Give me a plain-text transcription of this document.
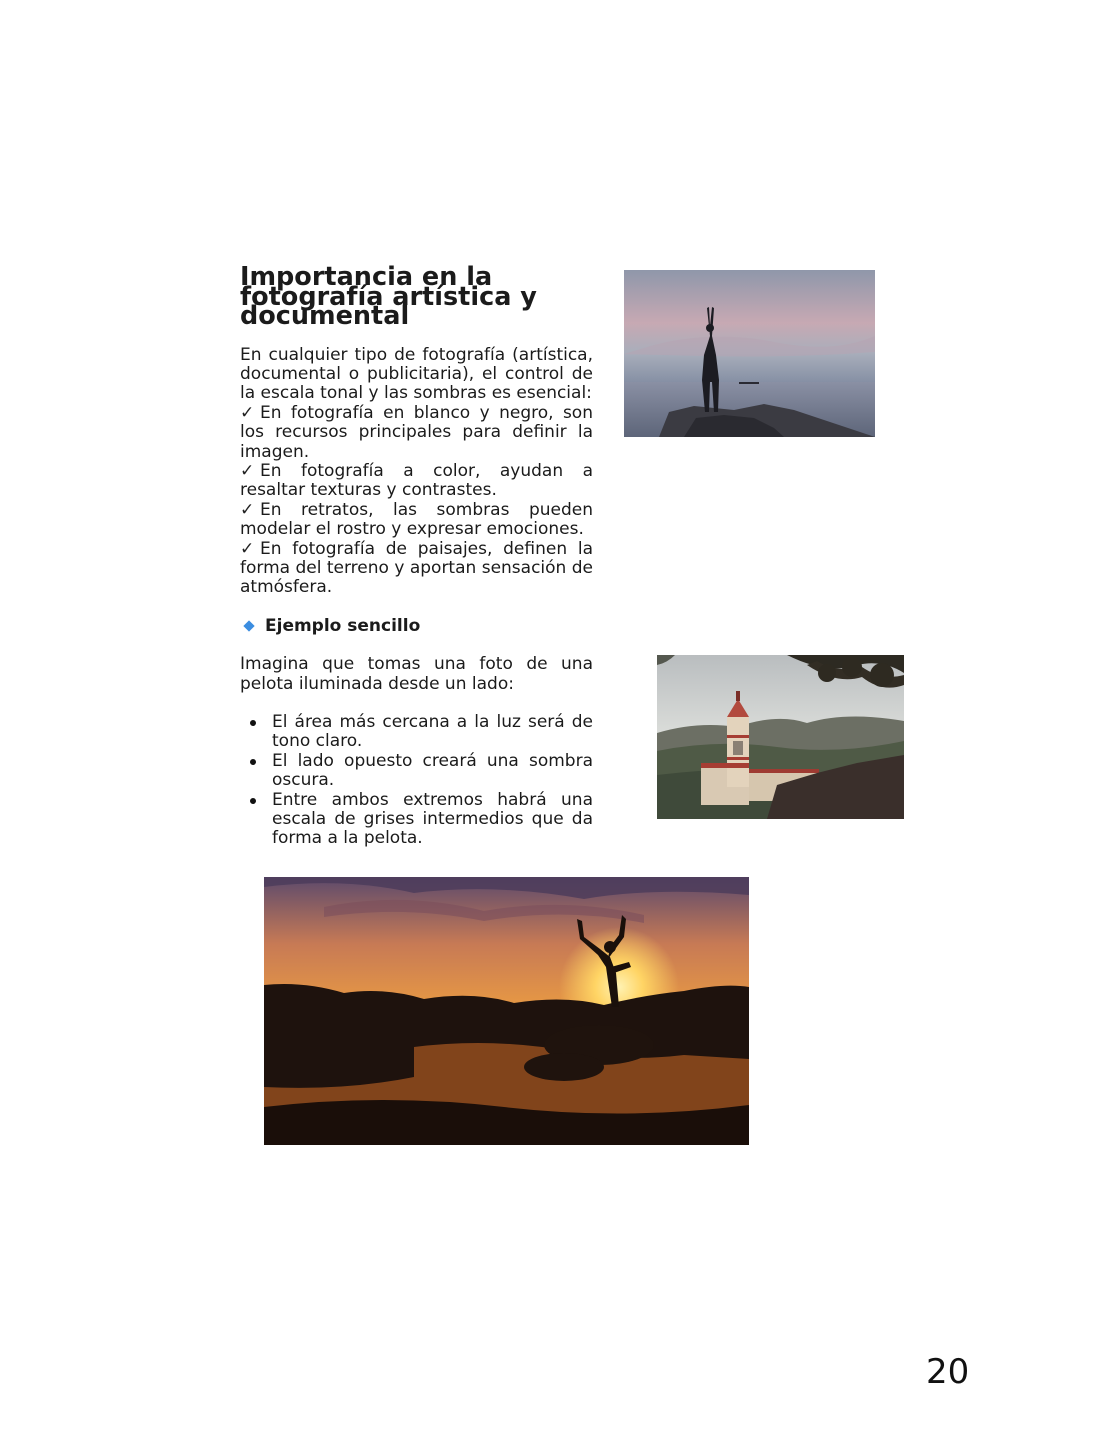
Importancia en la fotografía artística y documental

En cualquier tipo de fotografía (artística, documental o publicitaria), el control de la escala tonal y las sombras es esencial:

✓ En fotografía en blanco y negro, son los recursos principales para definir la imagen.

✓ En fotografía a color, ayudan a resaltar texturas y contrastes.

✓ En retratos, las sombras pueden modelar el rostro y expresar emociones.

✓ En fotografía de paisajes, definen la forma del terreno y aportan sensación de atmósfera.

Ejemplo sencillo

Imagina que tomas una foto de una pelota iluminada desde un lado:

El área más cercana a la luz será de tono claro.
El lado opuesto creará una sombra oscura.
Entre ambos extremos habrá una escala de grises intermedios que da forma a la pelota.
20
